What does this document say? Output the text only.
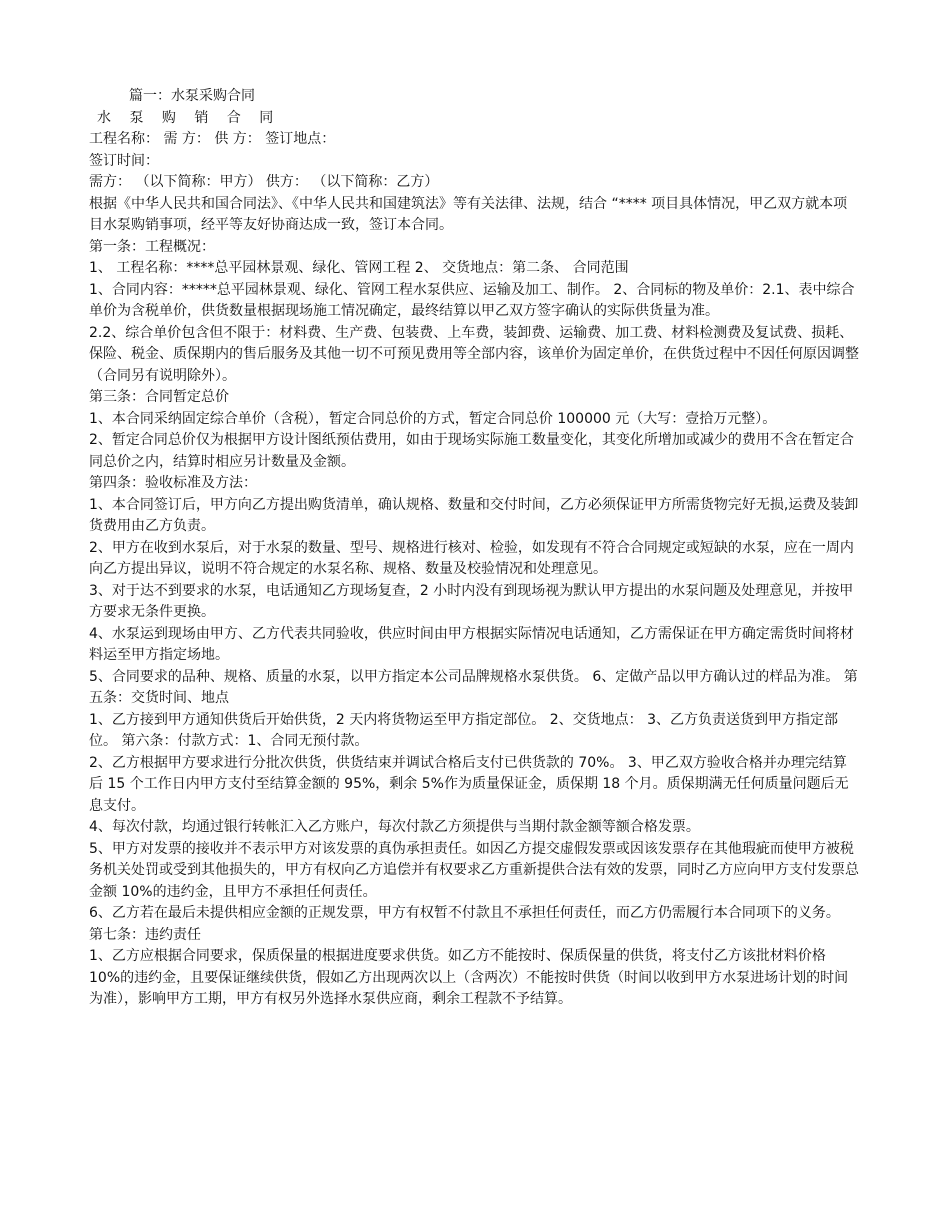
篇一：水泵采购合同
水 泵 购 销 合 同
工程名称： 需 方： 供 方： 签订地点：
签订时间：
需方： （以下简称：甲方） 供方： （以下简称：乙方）

根据《中华人民共和国合同法》、《中华人民共和国建筑法》等有关法律、法规，结合 “**** 项目具体情况，甲乙双方就本项目水泵购销事项，经平等友好协商达成一致，签订本合同。

第一条：工程概况：

1、 工程名称：****总平园林景观、绿化、管网工程 2、 交货地点：第二条、 合同范围

1、合同内容：*****总平园林景观、绿化、管网工程水泵供应、运输及加工、制作。 2、合同标的物及单价：2.1、表中综合单价为含税单价，供货数量根据现场施工情况确定，最终结算以甲乙双方签字确认的实际供货量为准。

2.2、综合单价包含但不限于：材料费、生产费、包装费、上车费，装卸费、运输费、加工费、材料检测费及复试费、损耗、保险、税金、质保期内的售后服务及其他一切不可预见费用等全部内容，该单价为固定单价，在供货过程中不因任何原因调整（合同另有说明除外）。

第三条：合同暂定总价

1、本合同采纳固定综合单价（含税），暂定合同总价的方式，暂定合同总价 100000 元（大写：壹拾万元整）。

2、暂定合同总价仅为根据甲方设计图纸预估费用，如由于现场实际施工数量变化，其变化所增加或减少的费用不含在暂定合同总价之内，结算时相应另计数量及金额。

第四条：验收标准及方法：

1、本合同签订后，甲方向乙方提出购货清单，确认规格、数量和交付时间，乙方必须保证甲方所需货物完好无损,运费及装卸货费用由乙方负责。

2、甲方在收到水泵后，对于水泵的数量、型号、规格进行核对、检验，如发现有不符合合同规定或短缺的水泵，应在一周内向乙方提出异议，说明不符合规定的水泵名称、规格、数量及校验情况和处理意见。

3、对于达不到要求的水泵，电话通知乙方现场复查，2 小时内没有到现场视为默认甲方提出的水泵问题及处理意见，并按甲方要求无条件更换。

4、水泵运到现场由甲方、乙方代表共同验收，供应时间由甲方根据实际情况电话通知，乙方需保证在甲方确定需货时间将材料运至甲方指定场地。

5、合同要求的品种、规格、质量的水泵，以甲方指定本公司品牌规格水泵供货。 6、定做产品以甲方确认过的样品为准。 第五条：交货时间、地点

1、乙方接到甲方通知供货后开始供货，2 天内将货物运至甲方指定部位。 2、交货地点： 3、乙方负责送货到甲方指定部位。 第六条：付款方式：1、合同无预付款。

2、乙方根据甲方要求进行分批次供货，供货结束并调试合格后支付已供货款的 70%。 3、甲乙双方验收合格并办理完结算后 15 个工作日内甲方支付至结算金额的 95%，剩余 5%作为质量保证金，质保期 18 个月。质保期满无任何质量问题后无息支付。

4、每次付款，均通过银行转帐汇入乙方账户，每次付款乙方须提供与当期付款金额等额合格发票。

5、甲方对发票的接收并不表示甲方对该发票的真伪承担责任。如因乙方提交虚假发票或因该发票存在其他瑕疵而使甲方被税务机关处罚或受到其他损失的，甲方有权向乙方追偿并有权要求乙方重新提供合法有效的发票，同时乙方应向甲方支付发票总金额 10%的违约金，且甲方不承担任何责任。

6、乙方若在最后未提供相应金额的正规发票，甲方有权暂不付款且不承担任何责任，而乙方仍需履行本合同项下的义务。

第七条：违约责任

1、乙方应根据合同要求，保质保量的根据进度要求供货。如乙方不能按时、保质保量的供货，将支付乙方该批材料价格 10%的违约金，且要保证继续供货，假如乙方出现两次以上（含两次）不能按时供货（时间以收到甲方水泵进场计划的时间为准），影响甲方工期，甲方有权另外选择水泵供应商，剩余工程款不予结算。
